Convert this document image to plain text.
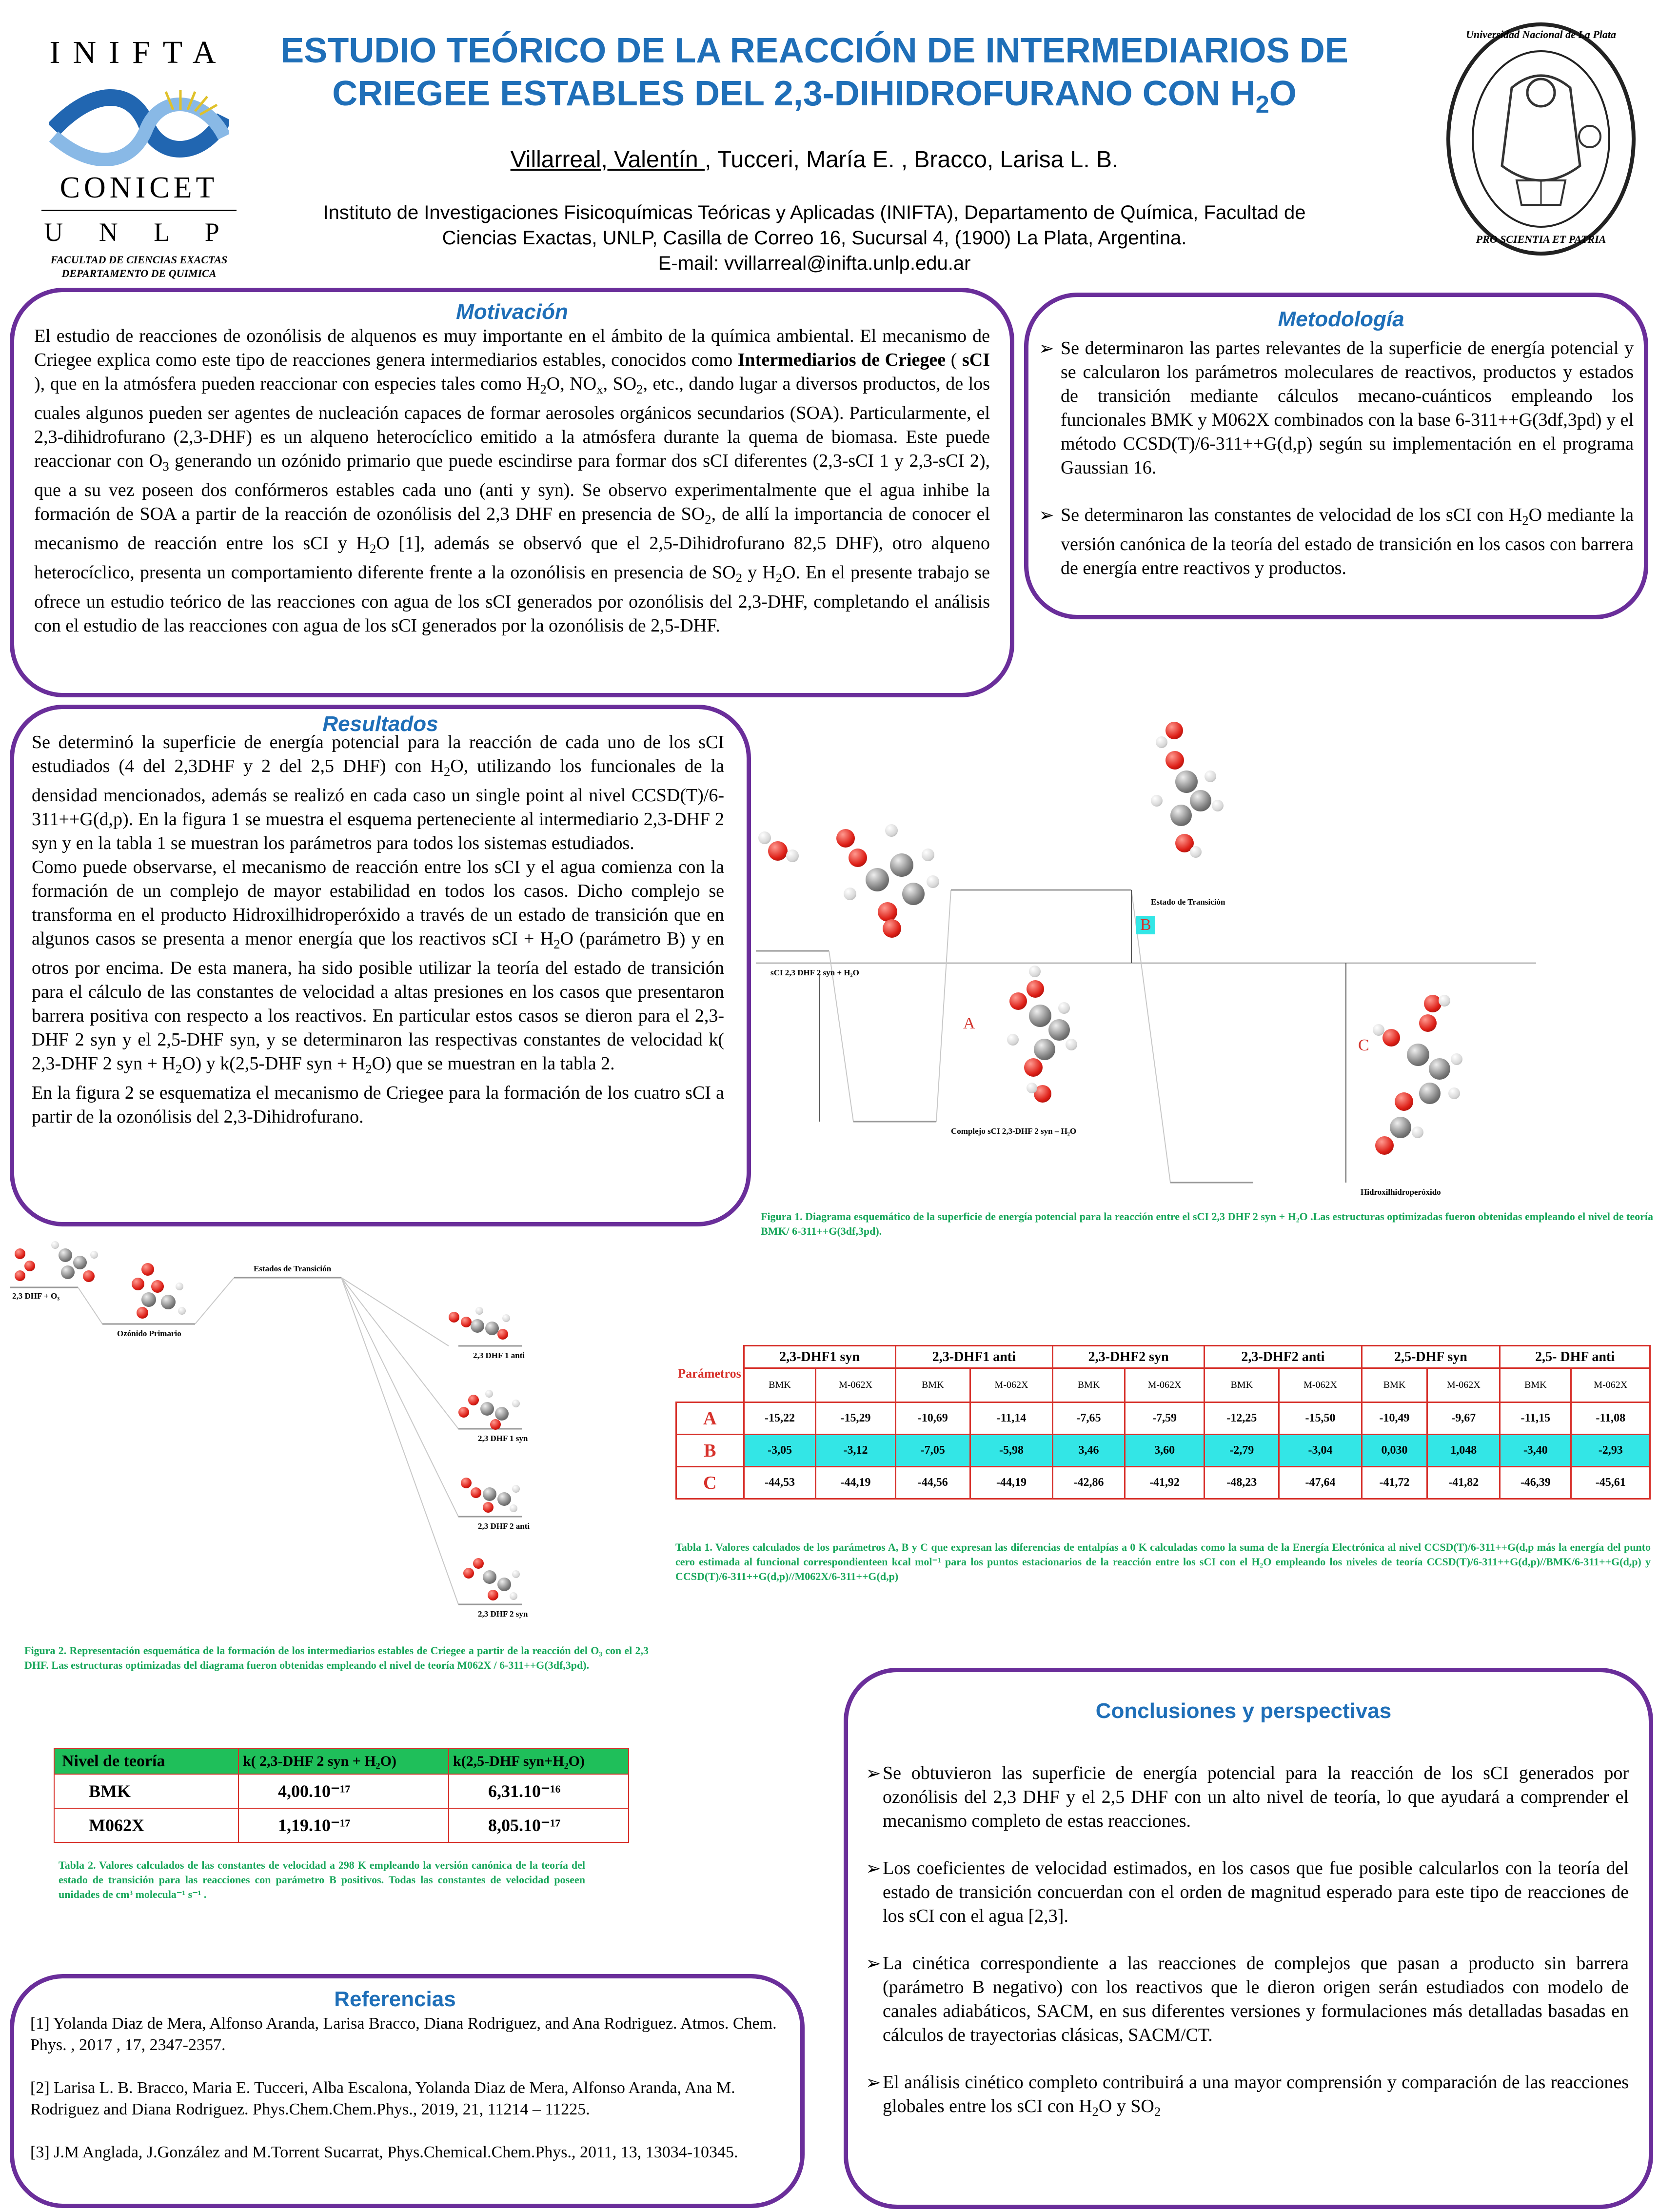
INIFTA
CONICET
U N L P
FACULTAD DE CIENCIAS EXACTAS
DEPARTAMENTO DE QUIMICA
ESTUDIO TEÓRICO DE LA REACCIÓN DE INTERMEDIARIOS DE
CRIEGEE ESTABLES DEL 2,3-DIHIDROFURANO CON $H_2O$
Villarreal, Valentín , Tucceri, María E. , Bracco, Larisa L. B.
Instituto de Investigaciones Fisicoquímicas Teóricas y Aplicadas (INIFTA), Departamento de Química, Facultad de
Ciencias Exactas, UNLP, Casilla de Correo 16, Sucursal 4, (1900) La Plata, Argentina.
E-mail: vvillarreal@inifta.unlp.edu.ar
Universidad Nacional de La Plata
PRO SCIENTIA ET PATRIA
Motivación
El estudio de reacciones de ozonólisis de alquenos es muy importante en el ámbito de la química ambiental. El mecanismo de Criegee explica como este tipo de reacciones genera intermediarios estables, conocidos como Intermediarios de Criegee ( sCI ), que en la atmósfera pueden reaccionar con especies tales como $H_2O$, $NO_x$, $SO_2$, etc., dando lugar a diversos productos, de los cuales algunos pueden ser agentes de nucleación capaces de formar aerosoles orgánicos secundarios (SOA). Particularmente, el 2,3-dihidrofurano (2,3-DHF) es un alqueno heterocíclico emitido a la atmósfera durante la quema de biomasa. Este puede reaccionar con $O_3$ generando un ozónido primario que puede escindirse para formar dos sCI diferentes (2,3-sCI 1 y 2,3-sCI 2), que a su vez poseen dos confórmeros estables cada uno (anti y syn). Se observo experimentalmente que el agua inhibe la formación de SOA a partir de la reacción de ozonólisis del 2,3 DHF en presencia de $SO_2$, de allí la importancia de conocer el mecanismo de reacción entre los sCI y $H_2O$ [1], además se observó que el 2,5-Dihidrofurano 82,5 DHF), otro alqueno heterocíclico, presenta un comportamiento diferente frente a la ozonólisis en presencia de $SO_2$ y $H_2O$. En el presente trabajo se ofrece un estudio teórico de las reacciones con agua de los sCI generados por ozonólisis del 2,3-DHF, completando el análisis con el estudio de las reacciones con agua de los sCI generados por la ozonólisis de 2,5-DHF.
Metodología
➢ Se determinaron las partes relevantes de la superficie de energía potencial y se calcularon los parámetros moleculares de reactivos, productos y estados de transición mediante cálculos mecano-cuánticos empleando los funcionales BMK y M062X combinados con la base 6-311++G(3df,3pd) y el método CCSD(T)/6-311++G(d,p) según su implementación en el programa Gaussian 16.
➢ Se determinaron las constantes de velocidad de los sCI con $H_2O$ mediante la versión canónica de la teoría del estado de transición en los casos con barrera de energía entre reactivos y productos.
Resultados
Se determinó la superficie de energía potencial para la reacción de cada uno de los sCI estudiados (4 del 2,3DHF y 2 del 2,5 DHF) con $H_2O$, utilizando los funcionales de la densidad mencionados, además se realizó en cada caso un single point al nivel CCSD(T)/6-311++G(d,p). En la figura 1 se muestra el esquema perteneciente al intermediario 2,3-DHF 2 syn y en la tabla 1 se muestran los parámetros para todos los sistemas estudiados.
Como puede observarse, el mecanismo de reacción entre los sCI y el agua comienza con la formación de un complejo de mayor estabilidad en todos los casos. Dicho complejo se transforma en el producto Hidroxilhidroperóxido a través de un estado de transición que en algunos casos se presenta a menor energía que los reactivos sCI + $H_2O$ (parámetro B) y en otros por encima. De esta manera, ha sido posible utilizar la teoría del estado de transición para el cálculo de las constantes de velocidad a altas presiones en los casos que presentaron barrera positiva con respecto a los reactivos. En particular estos casos se dieron para el 2,3-DHF 2 syn y el 2,5-DHF syn, y se determinaron las respectivas constantes de velocidad k( 2,3-DHF 2 syn + $H_2O$) y k(2,5-DHF syn + $H_2O$) que se muestran en la tabla 2.
En la figura 2 se esquematiza el mecanismo de Criegee para la formación de los cuatro sCI a partir de la ozonólisis del 2,3-Dihidrofurano.
sCI 2,3 DHF 2 syn + H₂O
Estado de Transición
Complejo sCI 2,3-DHF 2 syn – H₂O
Hidroxilhidroperóxido
A
B
C
Figura 1. Diagrama esquemático de la superficie de energía potencial para la reacción entre el sCI 2,3 DHF 2 syn + H₂O .Las estructuras optimizadas fueron obtenidas empleando el nivel de teoría BMK/ 6-311++G(3df,3pd).
2,3 DHF + O₃
Ozónido Primario
Estados de Transición
2,3 DHF 1 anti
2,3 DHF 1 syn
2,3 DHF 2 anti
2,3 DHF 2 syn
Figura 2. Representación esquemática de la formación de los intermediarios estables de Criegee a partir de la reacción del O₃ con el 2,3 DHF. Las estructuras optimizadas del diagrama fueron obtenidas empleando el nivel de teoría M062X / 6-311++G(3df,3pd).
Parámetros	2,3-DHF1 syn		2,3-DHF1 anti		2,3-DHF2 syn		2,3-DHF2 anti		2,5-DHF syn		2,5- DHF anti	
	BMK	M-062X	BMK	M-062X	BMK	M-062X	BMK	M-062X	BMK	M-062X	BMK	M-062X
A	-15,22	-15,29	-10,69	-11,14	-7,65	-7,59	-12,25	-15,50	-10,49	-9,67	-11,15	-11,08
B	-3,05	-3,12	-7,05	-5,98	3,46	3,60	-2,79	-3,04	0,030	1,048	-3,40	-2,93
C	-44,53	-44,19	-44,56	-44,19	-42,86	-41,92	-48,23	-47,64	-41,72	-41,82	-46,39	-45,61
Tabla 1. Valores calculados de los parámetros A, B y C que expresan las diferencias de entalpías a 0 K calculadas como la suma de la Energía Electrónica al nivel CCSD(T)/6-311++G(d,p más la energía del punto cero estimada al funcional correspondienteen kcal mol⁻¹ para los puntos estacionarios de la reacción entre los sCI con el H₂O empleando los niveles de teoría CCSD(T)/6-311++G(d,p)//BMK/6-311++G(d,p) y CCSD(T)/6-311++G(d,p)//M062X/6-311++G(d,p)
Nivel de teoría	k( 2,3-DHF 2 syn + H₂O)	k(2,5-DHF syn+H₂O)
BMK	4,00.10⁻¹⁷	6,31.10⁻¹⁶
M062X	1,19.10⁻¹⁷	8,05.10⁻¹⁷
Tabla 2. Valores calculados de las constantes de velocidad a 298 K empleando la versión canónica de la teoría del estado de transición para las reacciones con parámetro B positivos. Todas las constantes de velocidad poseen unidades de cm³ molecula⁻¹ s⁻¹ .
Conclusiones y perspectivas
➢ Se obtuvieron las superficie de energía potencial para la reacción de los sCI generados por ozonólisis del 2,3 DHF y el 2,5 DHF con un alto nivel de teoría, lo que ayudará a comprender el mecanismo completo de estas reacciones.
➢ Los coeficientes de velocidad estimados, en los casos que fue posible calcularlos con la teoría del estado de transición concuerdan con el orden de magnitud esperado para este tipo de reacciones de los sCI con el agua [2,3].
➢ La cinética correspondiente a las reacciones de complejos que pasan a producto sin barrera (parámetro B negativo) con los reactivos que le dieron origen serán estudiados con modelo de canales adiabáticos, SACM, en sus diferentes versiones y formulaciones más detalladas basadas en cálculos de trayectorias clásicas, SACM/CT.
➢ El análisis cinético completo contribuirá a una mayor comprensión y comparación de las reacciones globales entre los sCI con $H_2O$ y $SO_2$
Referencias
[1] Yolanda Diaz de Mera, Alfonso Aranda, Larisa Bracco, Diana Rodriguez, and Ana Rodriguez. Atmos. Chem. Phys. , 2017 , 17, 2347-2357.
[2] Larisa L. B. Bracco, Maria E. Tucceri, Alba Escalona, Yolanda Diaz de Mera, Alfonso Aranda, Ana M. Rodriguez and Diana Rodriguez. Phys.Chem.Chem.Phys., 2019, 21, 11214 – 11225.
[3] J.M Anglada, J.González and M.Torrent Sucarrat, Phys.Chemical.Chem.Phys., 2011, 13, 13034-10345.
